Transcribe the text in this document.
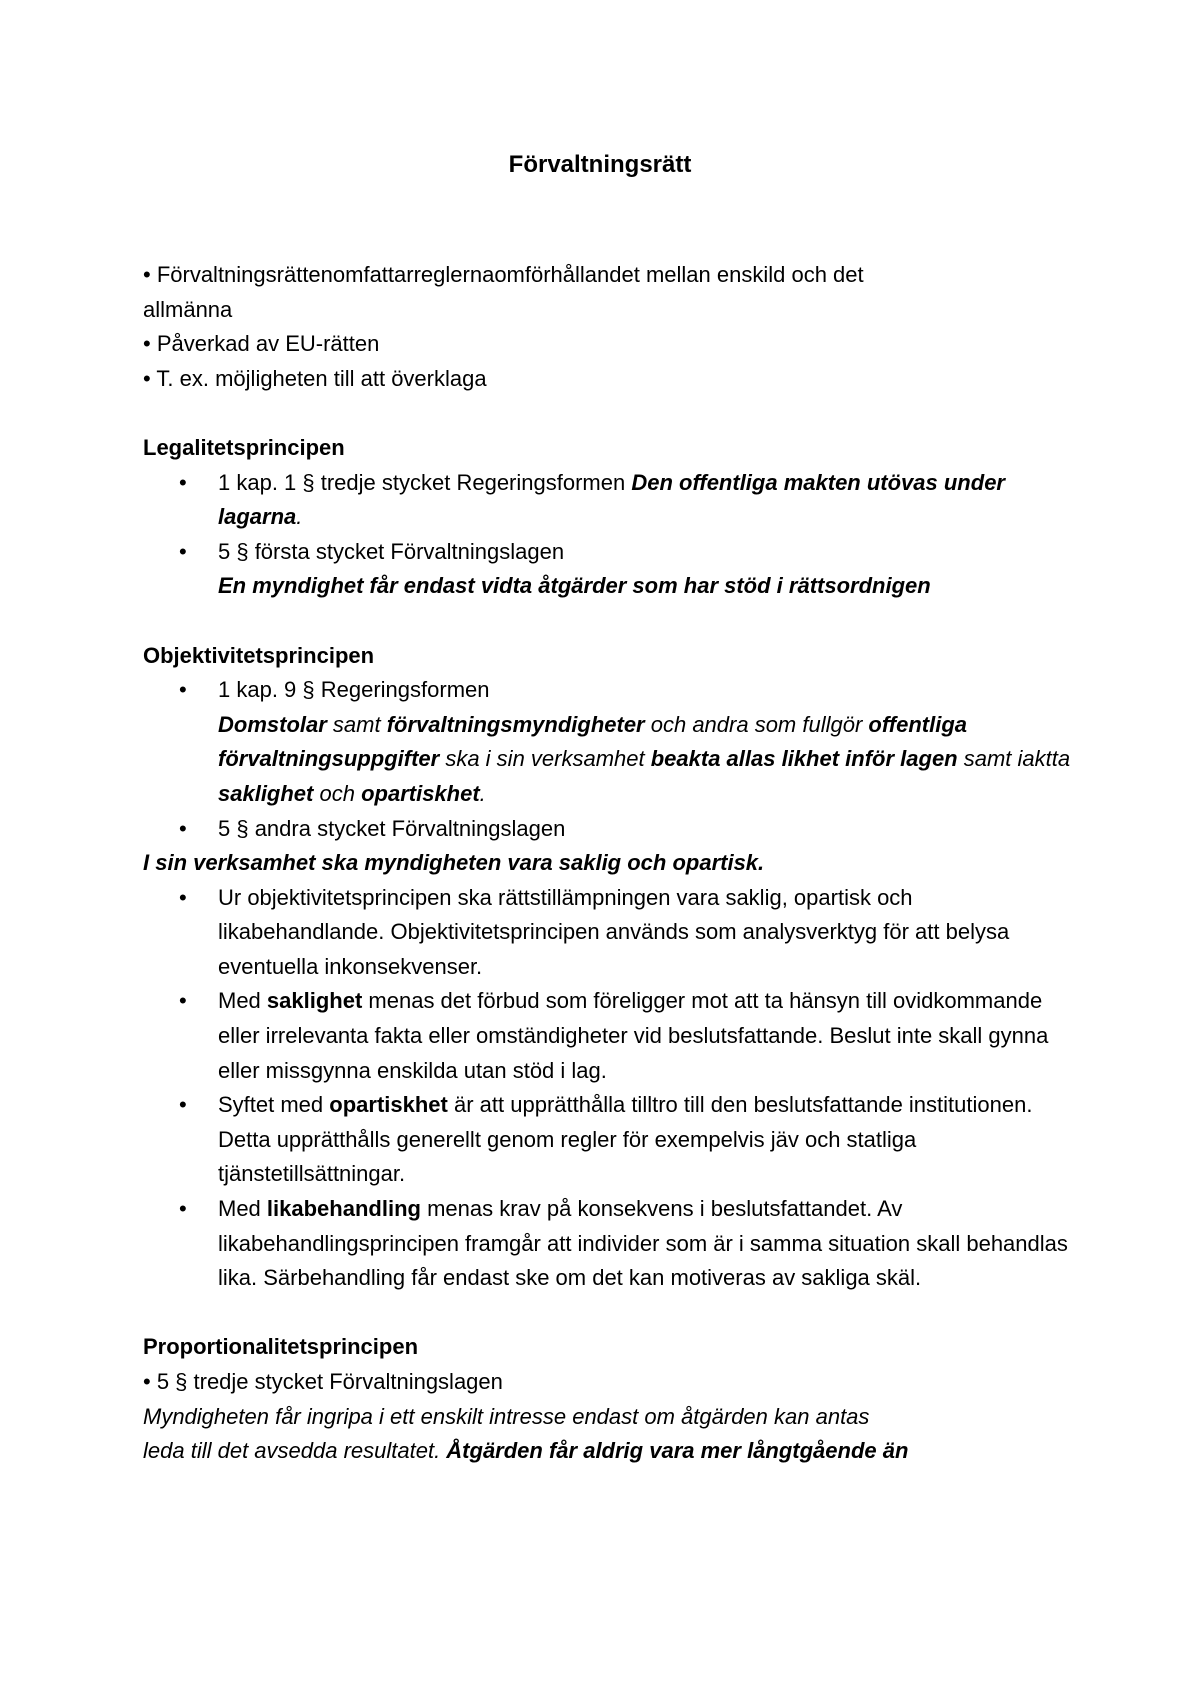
Förvaltningsrätt
• Förvaltningsrättenomfattarreglernaomförhållandet mellan enskild och det
allmänna
• Påverkad av EU-rätten
• T. ex. möjligheten till att överklaga
Legalitetsprincipen
• 1 kap. 1 § tredje stycket Regeringsformen Den offentliga makten utövas under lagarna.
• 5 § första stycket Förvaltningslagen
En myndighet får endast vidta åtgärder som har stöd i rättsordnigen
Objektivitetsprincipen
• 1 kap. 9 § Regeringsformen
Domstolar samt förvaltningsmyndigheter och andra som fullgör offentliga förvaltningsuppgifter ska i sin verksamhet beakta allas likhet inför lagen samt iaktta saklighet och opartiskhet.
• 5 § andra stycket Förvaltningslagen
I sin verksamhet ska myndigheten vara saklig och opartisk.
• Ur objektivitetsprincipen ska rättstillämpningen vara saklig, opartisk och likabehandlande. Objektivitetsprincipen används som analysverktyg för att belysa eventuella inkonsekvenser.
• Med saklighet menas det förbud som föreligger mot att ta hänsyn till ovidkommande eller irrelevanta fakta eller omständigheter vid beslutsfattande. Beslut inte skall gynna eller missgynna enskilda utan stöd i lag.
• Syftet med opartiskhet är att upprätthålla tilltro till den beslutsfattande institutionen. Detta upprätthålls generellt genom regler för exempelvis jäv och statliga tjänstetillsättningar.
• Med likabehandling menas krav på konsekvens i beslutsfattandet. Av likabehandlingsprincipen framgår att individer som är i samma situation skall behandlas lika. Särbehandling får endast ske om det kan motiveras av sakliga skäl.
Proportionalitetsprincipen
• 5 § tredje stycket Förvaltningslagen
Myndigheten får ingripa i ett enskilt intresse endast om åtgärden kan antas
leda till det avsedda resultatet. Åtgärden får aldrig vara mer långtgående än
